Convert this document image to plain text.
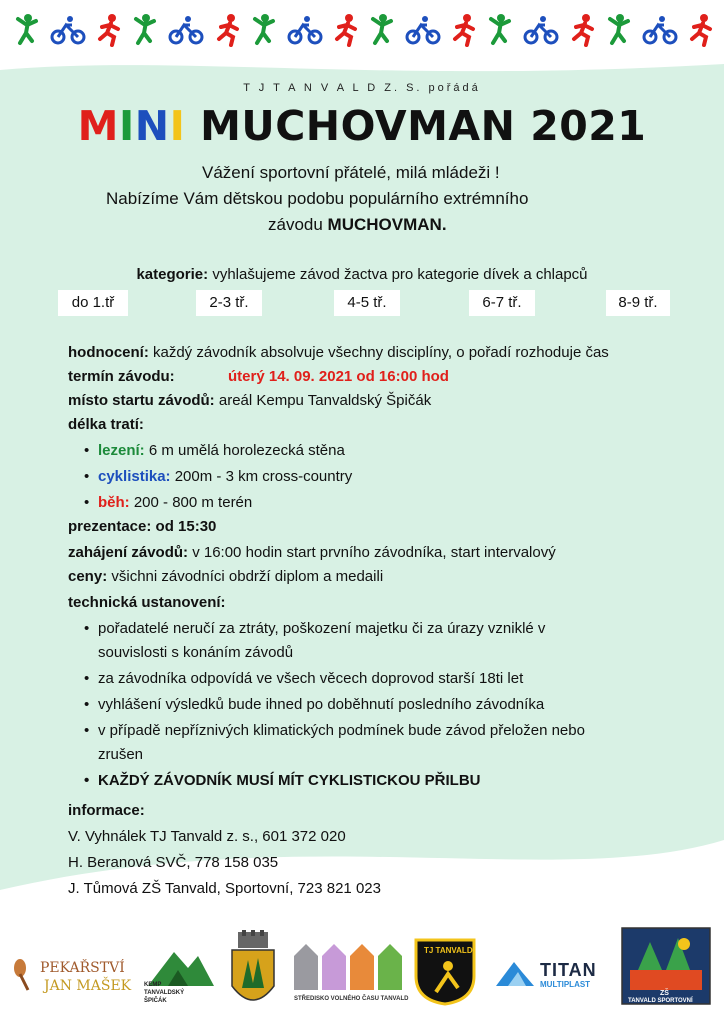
T J T A N V A L D Z. S. pořádá
MINI MUCHOVMAN 2021
Vážení sportovní přátelé, milá mládeži !
Nabízíme Vám dětskou podobu populárního extrémního
závodu MUCHOVMAN.
kategorie: vyhlašujeme závod žactva pro kategorie dívek a chlapců
do 1.tř	2-3 tř.	4-5 tř.	6-7 tř.	8-9 tř.
hodnocení: každý závodník absolvuje všechny disciplíny, o pořadí rozhoduje čas
termín závodu:	úterý 14. 09. 2021 od 16:00 hod
místo startu závodů: areál Kempu Tanvaldský Špičák
délka tratí:
• lezení: 6 m umělá horolezecká stěna
• cyklistika: 200m - 3 km cross-country
• běh: 200 - 800 m terén
prezentace: od 15:30
zahájení závodů: v 16:00 hodin start prvního závodníka, start intervalový
ceny: všichni závodníci obdrží diplom a medaili
technická ustanovení:
• pořadatelé neručí za ztráty, poškození majetku či za úrazy vzniklé v
souvislosti s konáním závodů
• za závodníka odpovídá ve všech věcech doprovod starší 18ti let
• vyhlášení výsledků bude ihned po doběhnutí posledního závodníka
• v případě nepříznivých klimatických podmínek bude závod přeložen nebo
zrušen
• KAŽDÝ ZÁVODNÍK MUSÍ MÍT CYKLISTICKOU PŘILBU
informace:
V. Vyhnálek TJ Tanvald z. s., 601 372 020
H. Beranová SVČ, 778 158 035
J. Tůmová ZŠ Tanvald, Sportovní, 723 821 023
PEKAŘSTVÍ
JAN MAŠEK KEMP
TANVALDSKÝ
ŠPIČÁK	STŘEDISKO VOLNÉHO ČASU TANVALD
TJ TANVALD
TITAN
MULTIPLAST
ZŠ
TANVALD SPORTOVNÍ
